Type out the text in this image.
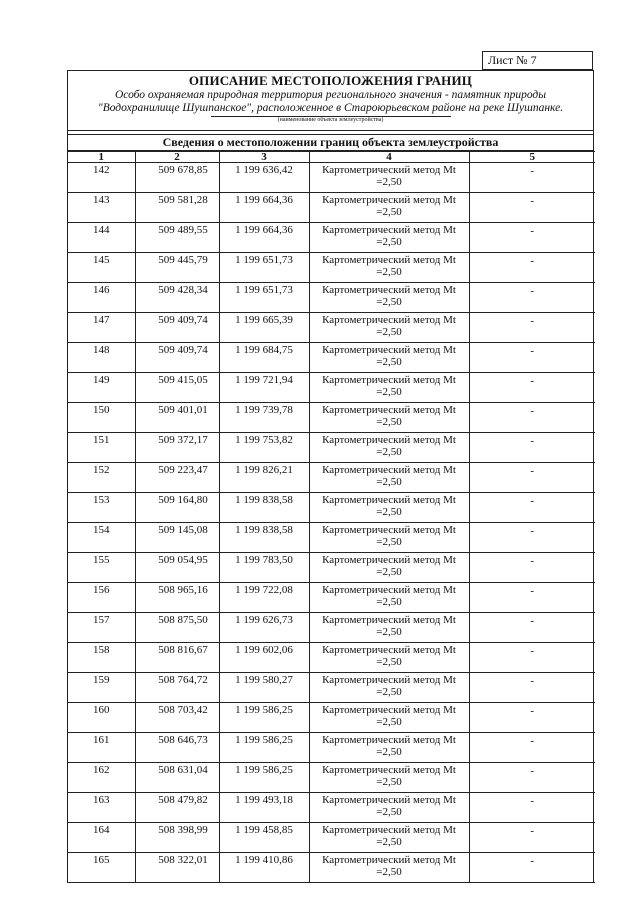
Лист № 7
ОПИСАНИЕ МЕСТОПОЛОЖЕНИЯ ГРАНИЦ
Особо охраняемая природная территория регионального значения - памятник природы
"Водохранилище Шушпанское", расположенное в Староюрьевском районе на реке Шушпанке.
(наименование объекта землеустройства)
Сведения о местоположении границ объекта землеустройства
1	2	3	4	5
142	509 678,85	1 199 636,42	Картометрический метод Mt =2,50	-
143	509 581,28	1 199 664,36	Картометрический метод Mt =2,50	-
144	509 489,55	1 199 664,36	Картометрический метод Mt =2,50	-
145	509 445,79	1 199 651,73	Картометрический метод Mt =2,50	-
146	509 428,34	1 199 651,73	Картометрический метод Mt =2,50	-
147	509 409,74	1 199 665,39	Картометрический метод Mt =2,50	-
148	509 409,74	1 199 684,75	Картометрический метод Mt =2,50	-
149	509 415,05	1 199 721,94	Картометрический метод Mt =2,50	-
150	509 401,01	1 199 739,78	Картометрический метод Mt =2,50	-
151	509 372,17	1 199 753,82	Картометрический метод Mt =2,50	-
152	509 223,47	1 199 826,21	Картометрический метод Mt =2,50	-
153	509 164,80	1 199 838,58	Картометрический метод Mt =2,50	-
154	509 145,08	1 199 838,58	Картометрический метод Mt =2,50	-
155	509 054,95	1 199 783,50	Картометрический метод Mt =2,50	-
156	508 965,16	1 199 722,08	Картометрический метод Mt =2,50	-
157	508 875,50	1 199 626,73	Картометрический метод Mt =2,50	-
158	508 816,67	1 199 602,06	Картометрический метод Mt =2,50	-
159	508 764,72	1 199 580,27	Картометрический метод Mt =2,50	-
160	508 703,42	1 199 586,25	Картометрический метод Mt =2,50	-
161	508 646,73	1 199 586,25	Картометрический метод Mt =2,50	-
162	508 631,04	1 199 586,25	Картометрический метод Mt =2,50	-
163	508 479,82	1 199 493,18	Картометрический метод Mt =2,50	-
164	508 398,99	1 199 458,85	Картометрический метод Mt =2,50	-
165	508 322,01	1 199 410,86	Картометрический метод Mt =2,50	-
